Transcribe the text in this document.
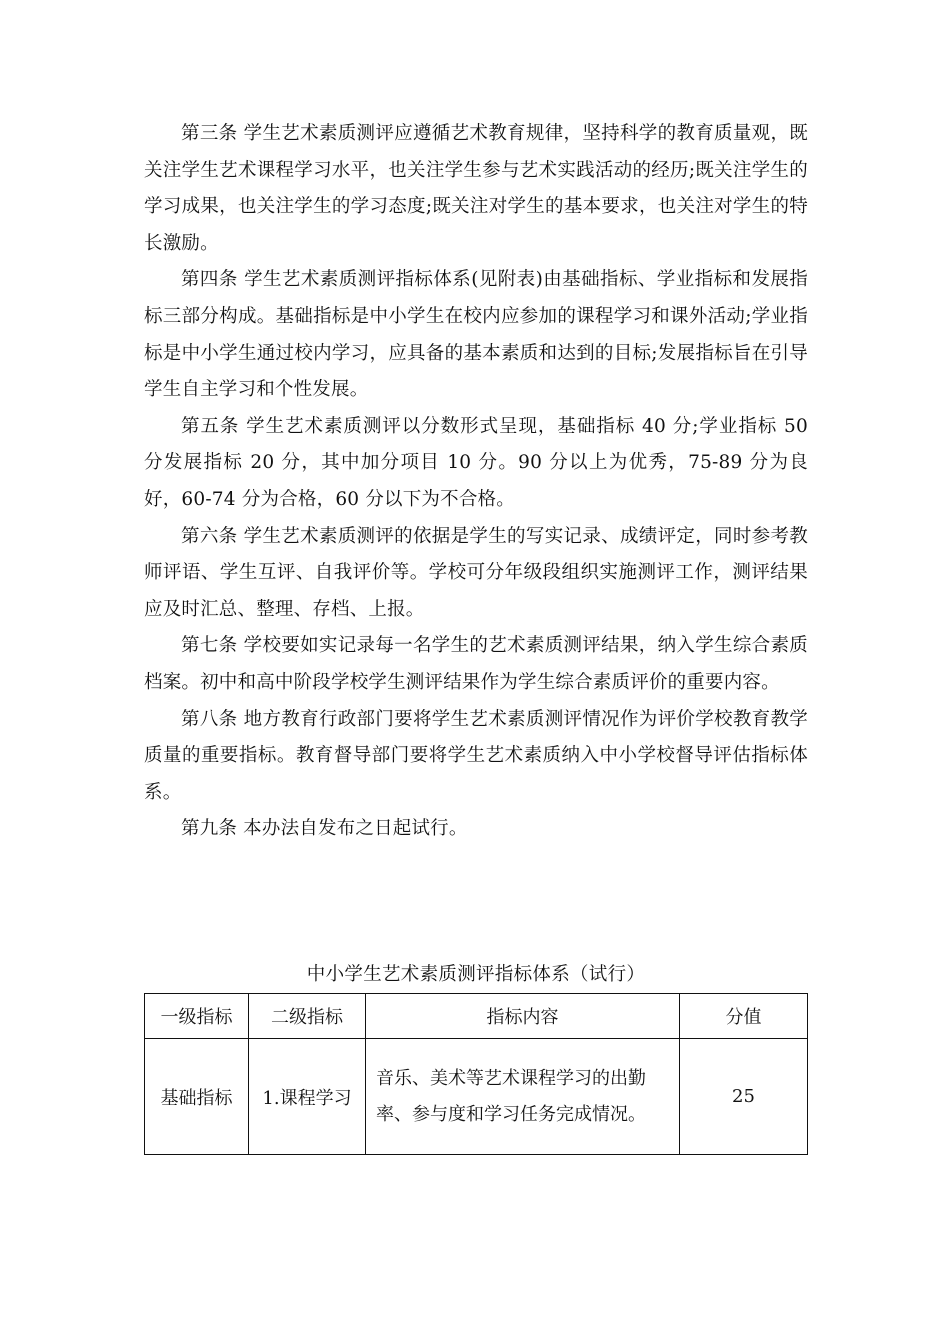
第三条 学生艺术素质测评应遵循艺术教育规律，坚持科学的教育质量观，既关注学生艺术课程学习水平，也关注学生参与艺术实践活动的经历;既关注学生的学习成果，也关注学生的学习态度;既关注对学生的基本要求，也关注对学生的特长激励。

第四条 学生艺术素质测评指标体系(见附表)由基础指标、学业指标和发展指标三部分构成。基础指标是中小学生在校内应参加的课程学习和课外活动;学业指标是中小学生通过校内学习，应具备的基本素质和达到的目标;发展指标旨在引导学生自主学习和个性发展。

第五条 学生艺术素质测评以分数形式呈现，基础指标 40 分;学业指标 50 分发展指标 20 分，其中加分项目 10 分。90 分以上为优秀，75-89 分为良好，60-74 分为合格，60 分以下为不合格。

第六条 学生艺术素质测评的依据是学生的写实记录、成绩评定，同时参考教师评语、学生互评、自我评价等。学校可分年级段组织实施测评工作，测评结果应及时汇总、整理、存档、上报。

第七条 学校要如实记录每一名学生的艺术素质测评结果，纳入学生综合素质档案。初中和高中阶段学校学生测评结果作为学生综合素质评价的重要内容。

第八条 地方教育行政部门要将学生艺术素质测评情况作为评价学校教育教学质量的重要指标。教育督导部门要将学生艺术素质纳入中小学校督导评估指标体系。

第九条 本办法自发布之日起试行。

中小学生艺术素质测评指标体系（试行）
一级指标	二级指标	指标内容	分值
基础指标	1.课程学习	音乐、美术等艺术课程学习的出勤率、参与度和学习任务完成情况。	25
